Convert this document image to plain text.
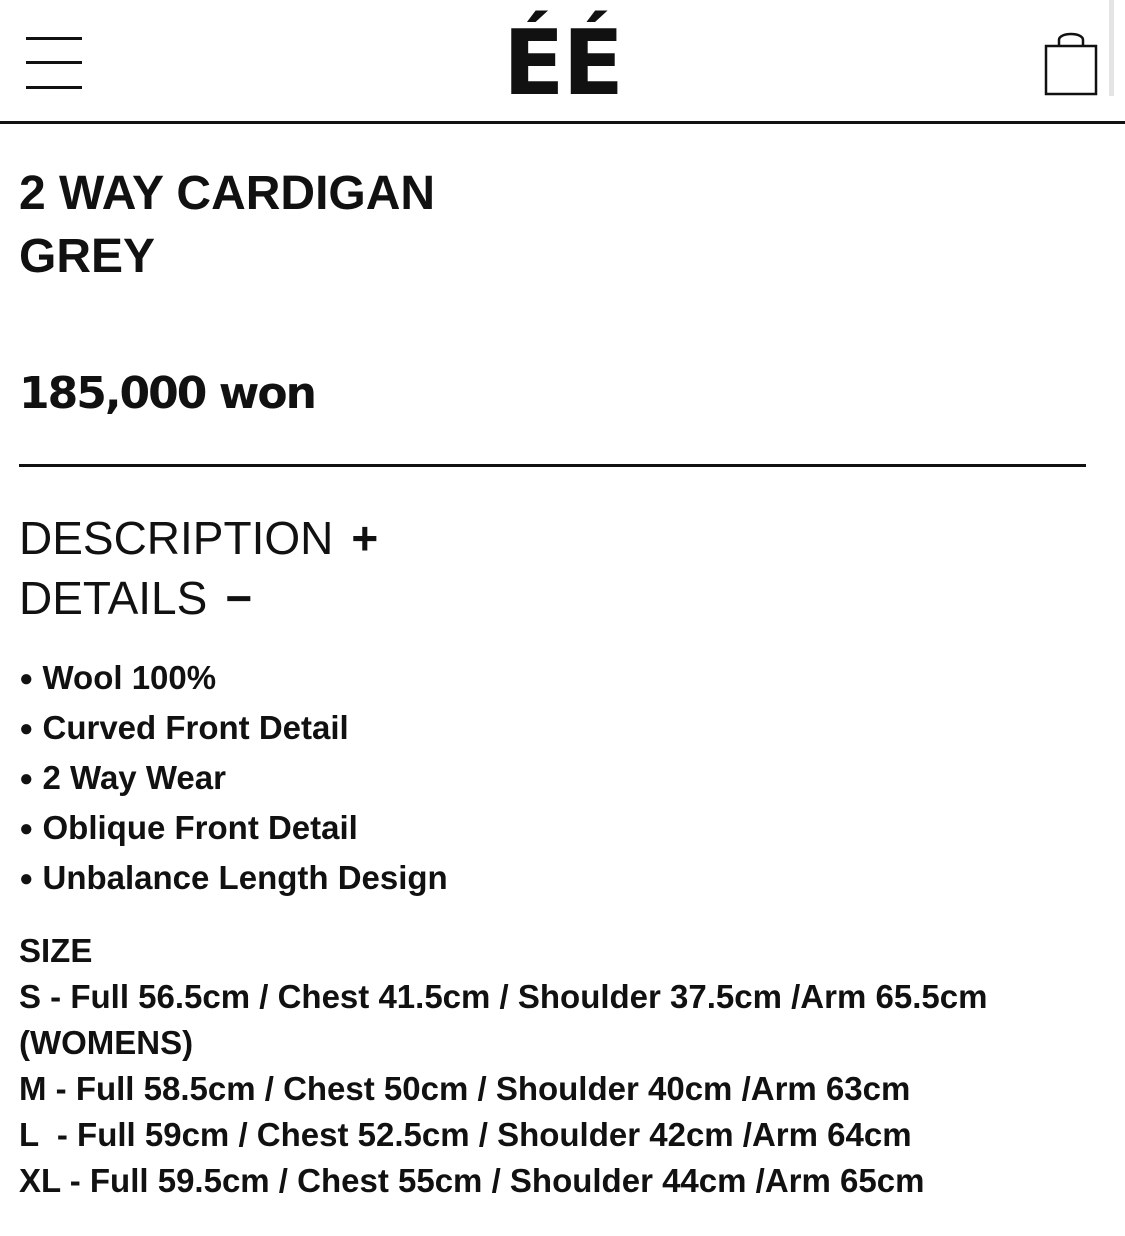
ÉÉ
2 WAY CARDIGAN
GREY
185,000 won
DESCRIPTION +
DETAILS −
● Wool 100%
● Curved Front Detail
● 2 Way Wear
● Oblique Front Detail
● Unbalance Length Design
SIZE
S - Full 56.5cm / Chest 41.5cm / Shoulder 37.5cm /Arm 65.5cm
(WOMENS)
M - Full 58.5cm / Chest 50cm / Shoulder 40cm /Arm 63cm
L  - Full 59cm / Chest 52.5cm / Shoulder 42cm /Arm 64cm
XL - Full 59.5cm / Chest 55cm / Shoulder 44cm /Arm 65cm
